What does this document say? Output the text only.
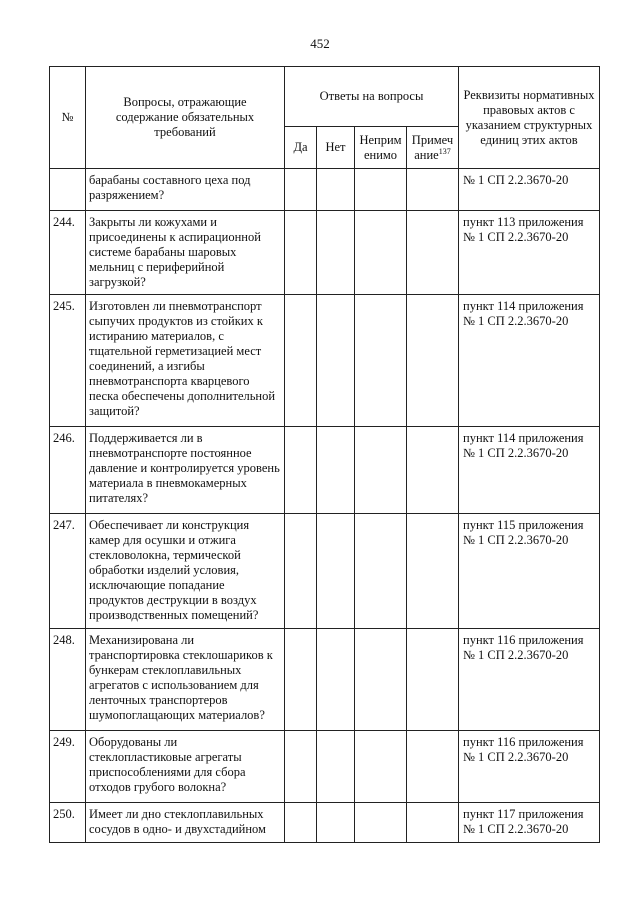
452
№	Вопросы, отражающие содержание обязательных требований	Ответы на вопросы				Реквизиты нормативных правовых актов с указанием структурных единиц этих актов
		Да	Нет	Неприм енимо	Примеч ание$^{137}$
	барабаны составного цеха под разряжением?					№ 1 СП 2.2.3670-20
244.	Закрыты ли кожухами и присоединены к аспирационной системе барабаны шаровых мельниц с периферийной загрузкой?					пункт 113 приложения № 1 СП 2.2.3670-20
245.	Изготовлен ли пневмотранспорт сыпучих продуктов из стойких к истиранию материалов, с тщательной герметизацией мест соединений, а изгибы пневмотранспорта кварцевого песка обеспечены дополнительной защитой?					пункт 114 приложения № 1 СП 2.2.3670-20
246.	Поддерживается ли в пневмотранспорте постоянное давление и контролируется уровень материала в пневмокамерных питателях?					пункт 114 приложения № 1 СП 2.2.3670-20
247.	Обеспечивает ли конструкция камер для осушки и отжига стекловолокна, термической обработки изделий условия, исключающие попадание продуктов деструкции в воздух производственных помещений?					пункт 115 приложения № 1 СП 2.2.3670-20
248.	Механизирована ли транспортировка стеклошариков к бункерам стеклоплавильных агрегатов с использованием для ленточных транспортеров шумопоглащающих материалов?					пункт 116 приложения № 1 СП 2.2.3670-20
249.	Оборудованы ли стеклопластиковые агрегаты приспособлениями для сбора отходов грубого волокна?					пункт 116 приложения № 1 СП 2.2.3670-20
250.	Имеет ли дно стеклоплавильных сосудов в одно- и двухстадийном					пункт 117 приложения № 1 СП 2.2.3670-20
